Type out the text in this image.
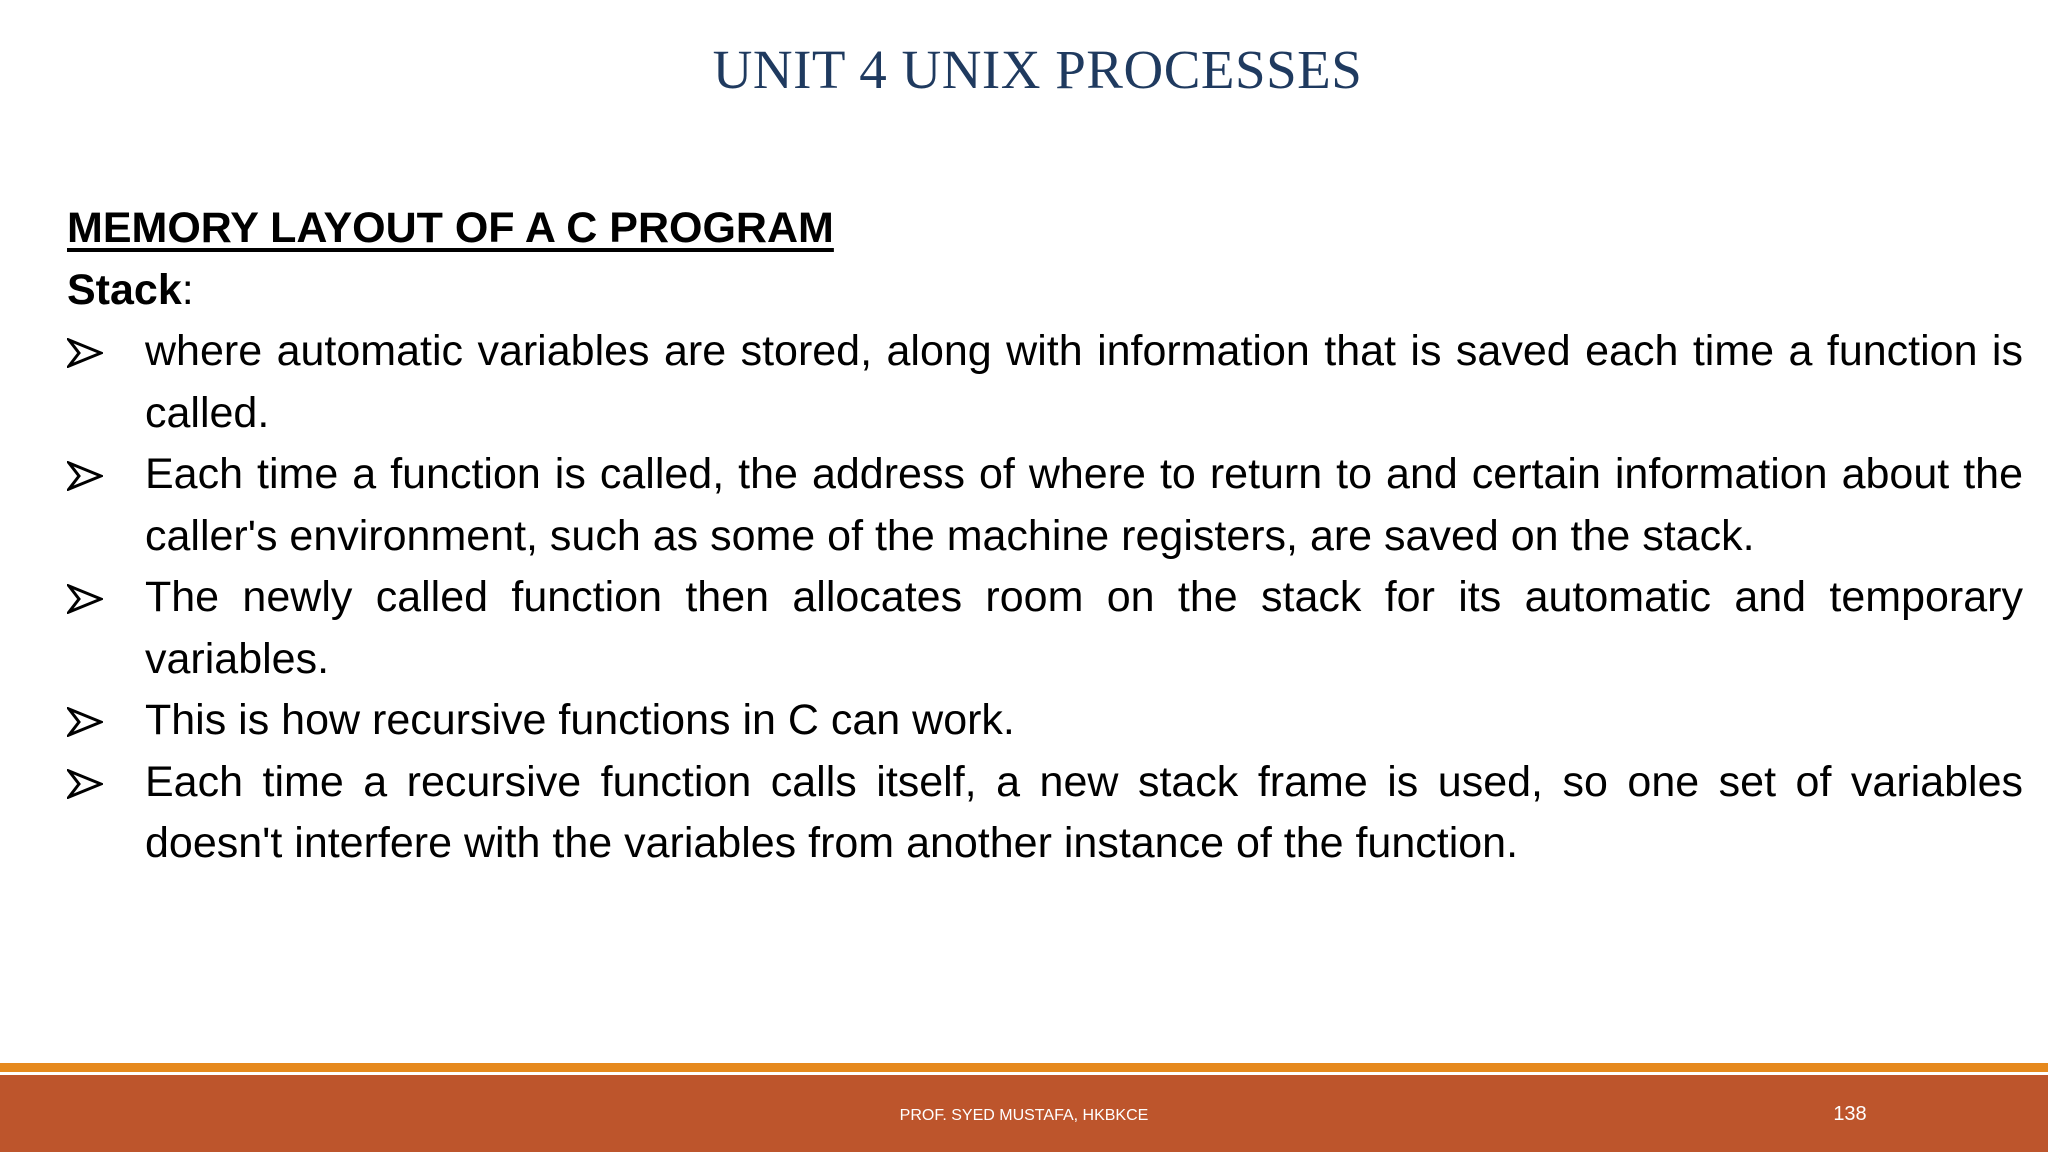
UNIT 4 UNIX PROCESSES

MEMORY LAYOUT OF A C PROGRAM

Stack:

where automatic variables are stored, along with information that is saved each time a function is called.
Each time a function is called, the address of where to return to and certain information about the caller's environment, such as some of the machine registers, are saved on the stack.
The newly called function then allocates room on the stack for its automatic and temporary variables.
This is how recursive functions in C can work.
Each time a recursive function calls itself, a new stack frame is used, so one set of variables doesn't interfere with the variables from another instance of the function.
PROF. SYED MUSTAFA, HKBKCE	138
